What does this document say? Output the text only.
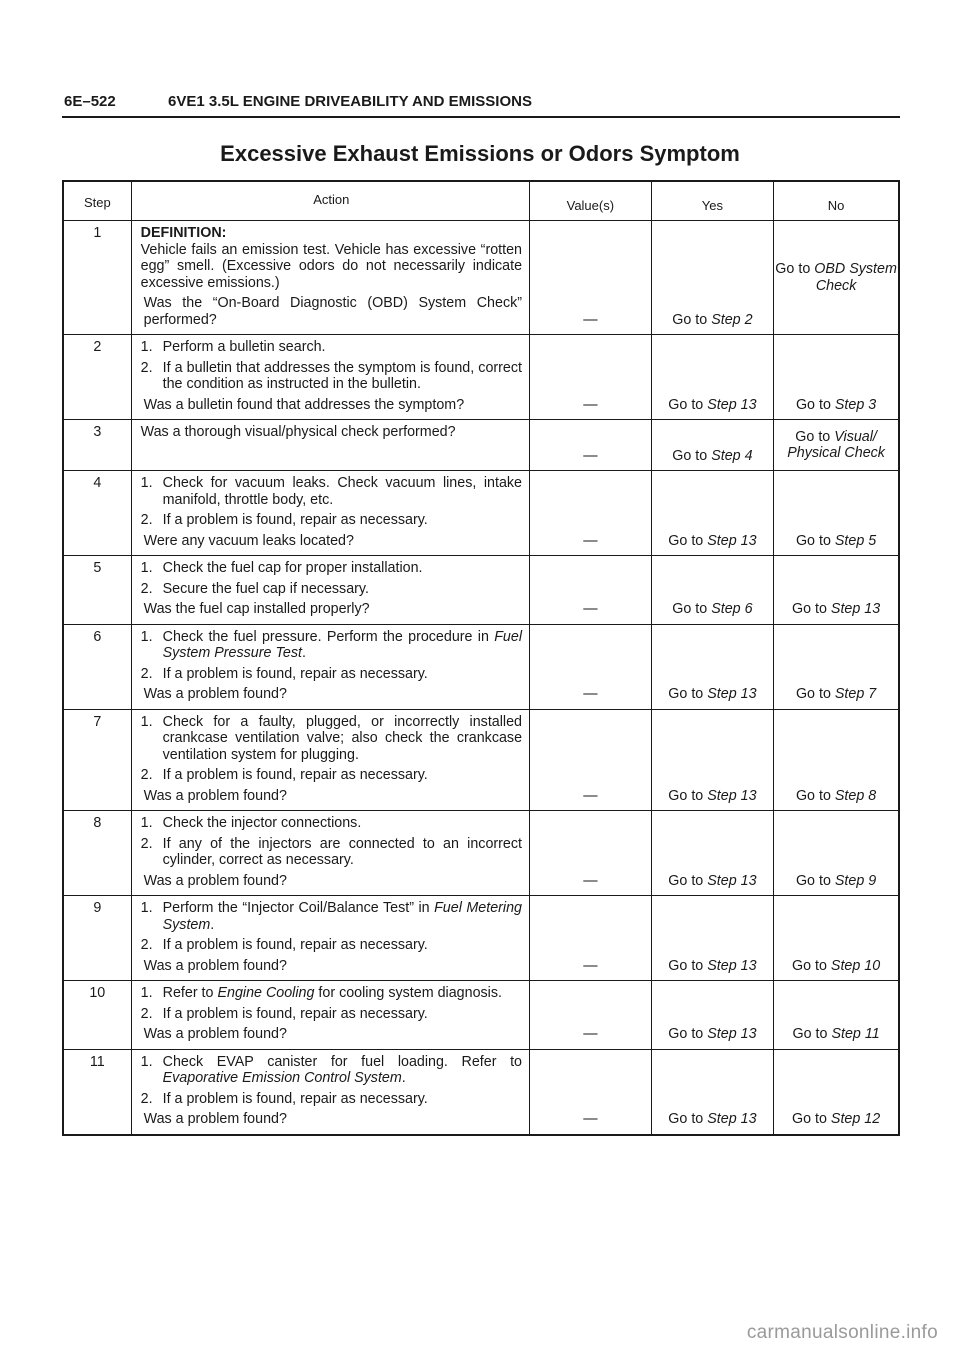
6E–522	6VE1 3.5L ENGINE DRIVEABILITY AND EMISSIONS
Excessive Exhaust Emissions or Odors Symptom
Step	Action	Value(s)	Yes	No
1	DEFINITION:
Vehicle fails an emission test. Vehicle has excessive “rotten egg” smell. (Excessive odors do not necessarily indicate excessive emissions.)
Was the “On-Board Diagnostic (OBD) System Check” performed?	—	Go to Step 2	Go to OBD System Check
2	1. Perform a bulletin search.
2. If a bulletin that addresses the symptom is found, correct the condition as instructed in the bulletin.
Was a bulletin found that addresses the symptom?	—	Go to Step 13	Go to Step 3
3	Was a thorough visual/physical check performed?	—	Go to Step 4	Go to Visual/ Physical Check
4	1. Check for vacuum leaks. Check vacuum lines, intake manifold, throttle body, etc.
2. If a problem is found, repair as necessary.
Were any vacuum leaks located?	—	Go to Step 13	Go to Step 5
5	1. Check the fuel cap for proper installation.
2. Secure the fuel cap if necessary.
Was the fuel cap installed properly?	—	Go to Step 6	Go to Step 13
6	1. Check the fuel pressure. Perform the procedure in Fuel System Pressure Test.
2. If a problem is found, repair as necessary.
Was a problem found?	—	Go to Step 13	Go to Step 7
7	1. Check for a faulty, plugged, or incorrectly installed crankcase ventilation valve; also check the crankcase ventilation system for plugging.
2. If a problem is found, repair as necessary.
Was a problem found?	—	Go to Step 13	Go to Step 8
8	1. Check the injector connections.
2. If any of the injectors are connected to an incorrect cylinder, correct as necessary.
Was a problem found?	—	Go to Step 13	Go to Step 9
9	1. Perform the “Injector Coil/Balance Test” in Fuel Metering System.
2. If a problem is found, repair as necessary.
Was a problem found?	—	Go to Step 13	Go to Step 10
10	1. Refer to Engine Cooling for cooling system diagnosis.
2. If a problem is found, repair as necessary.
Was a problem found?	—	Go to Step 13	Go to Step 11
11	1. Check EVAP canister for fuel loading. Refer to Evaporative Emission Control System.
2. If a problem is found, repair as necessary.
Was a problem found?	—	Go to Step 13	Go to Step 12
carmanualsonline.info
